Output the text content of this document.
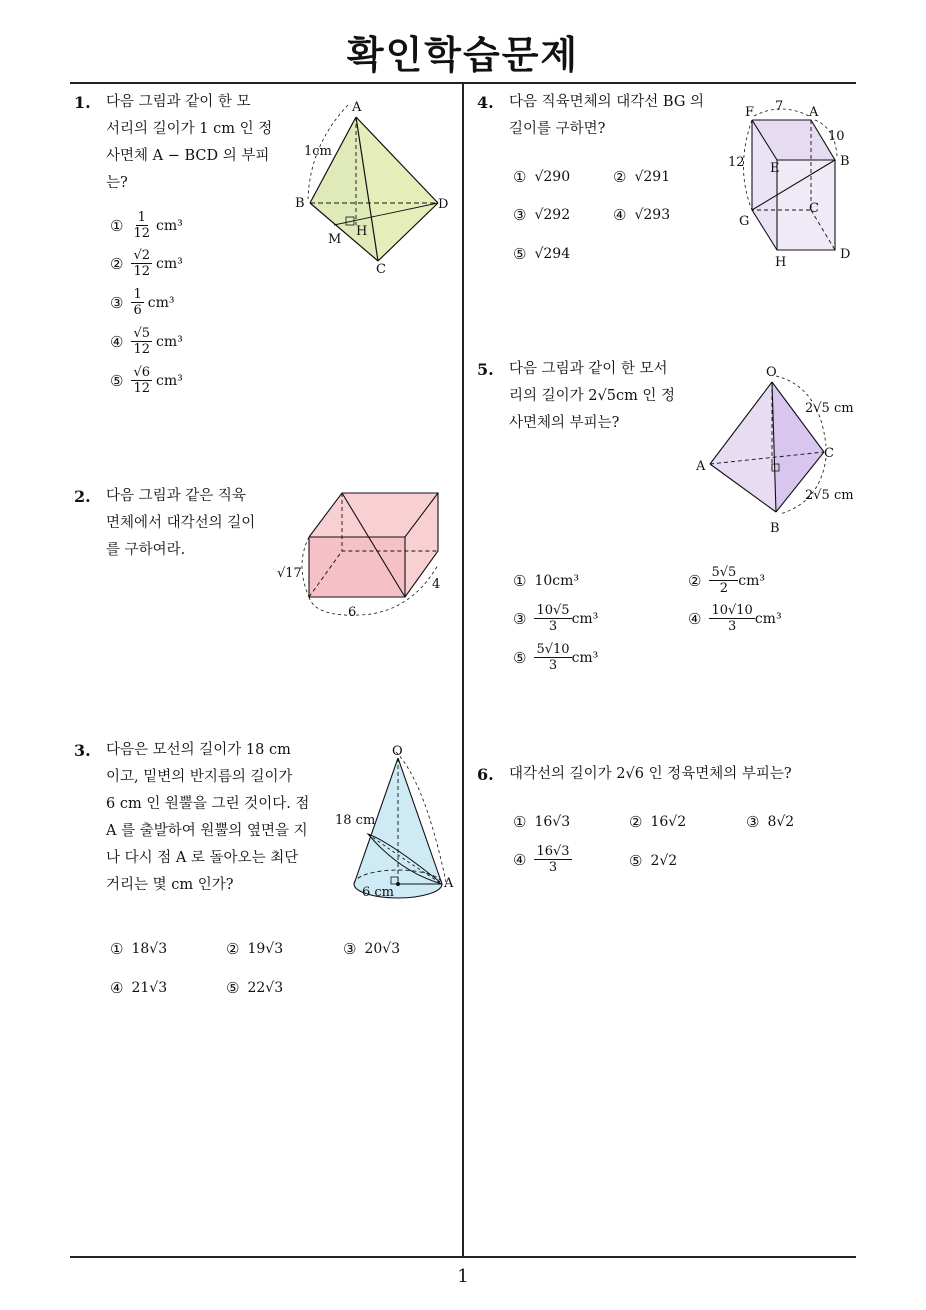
확인학습문제
1
1. 다음 그림과 같이 한 모
서리의 길이가 1 cm 인 정
사면체 A − BCD 의 부피
는?
① $\frac{1}{12} cm^3$
② $\frac{√2}{12} cm^3$
③ $\frac{1}{6} cm^3$
④ $\frac{√5}{12} cm^3$
⑤ $\frac{√6}{12} cm^3$
A
B
C
D
M
H
1cm
2. 다음 그림과 같은 직육
면체에서 대각선의 길이
를 구하여라.
√17
4
6
3. 다음은 모선의 길이가 18 cm
이고, 밑변의 반지름의 길이가
6 cm 인 원뿔을 그린 것이다. 점
A 를 출발하여 원뿔의 옆면을 지
나 다시 점 A 로 돌아오는 최단
거리는 몇 cm 인가?
O
A
18 cm
6 cm
① 18√3	② 19√3	③ 20√3
④ 21√3	⑤ 22√3
4. 다음 직육면체의 대각선 BG 의
길이를 구하면?
① √290	② √291
③ √292	④ √293
⑤ √294
F	A
B
E
G
C
H
D
7
10
12
5. 다음 그림과 같이 한 모서
리의 길이가 2√5cm 인 정
사면체의 부피는?
O
A
B
C
2√5 cm
2√5 cm
① 10cm³	② $\frac{5√5}{2} cm^3$
③ $\frac{10√5}{3} cm^3$	④ $\frac{10√10}{3} cm^3$
⑤ $\frac{5√10}{3} cm^3$
6. 대각선의 길이가 2√6 인 정육면체의 부피는?
① 16√3	② 16√2	③ 8√2
④ $\frac{16√3}{3}$	⑤ 2√2
